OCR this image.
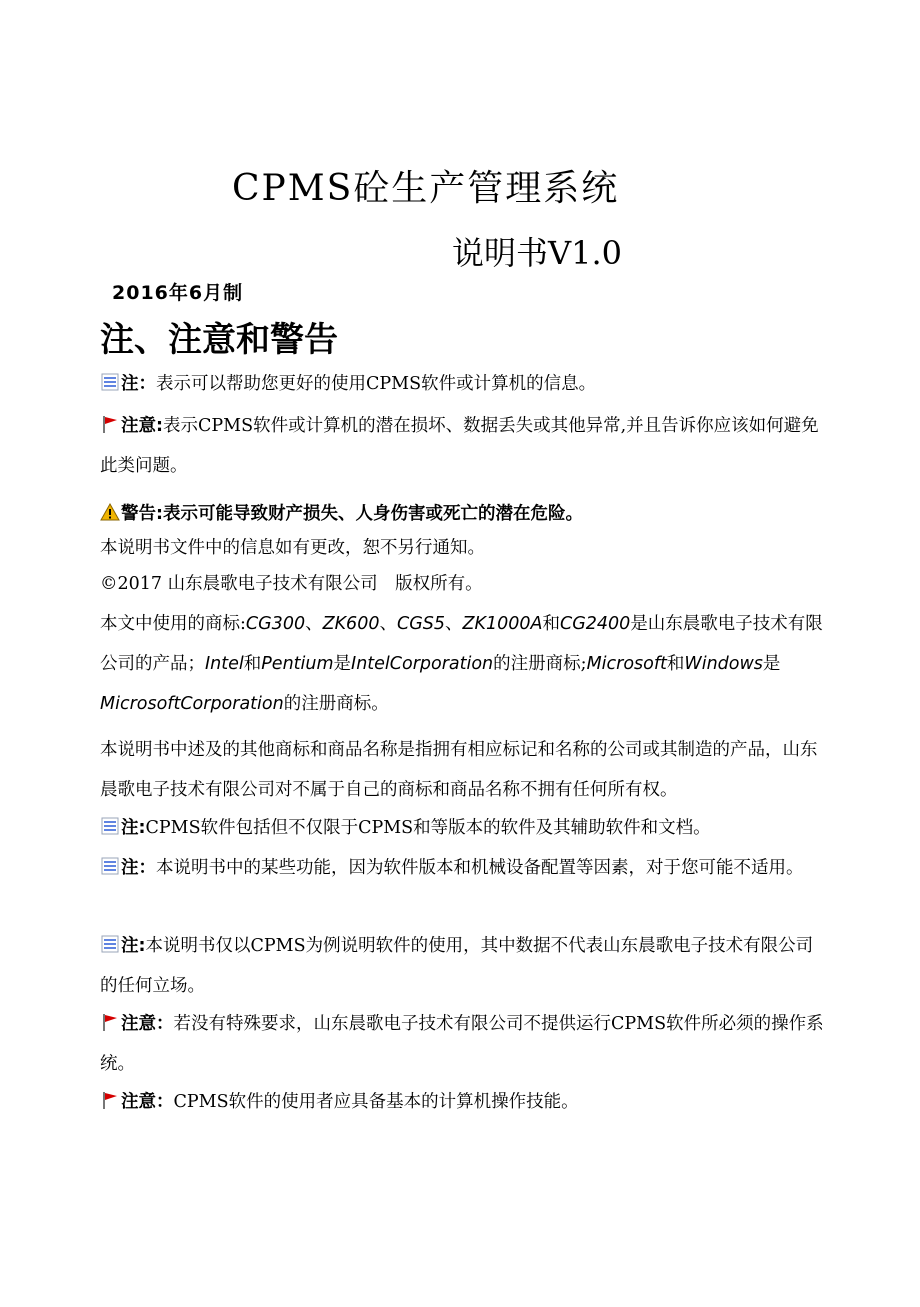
CPMS砼生产管理系统
说明书V1.0
2016年6月制
注、注意和警告
注：表示可以帮助您更好的使用CPMS软件或计算机的信息。
注意:表示CPMS软件或计算机的潜在损坏、数据丢失或其他异常,并且告诉你应该如何避免此类问题。
警告:表示可能导致财产损失、人身伤害或死亡的潜在危险。
本说明书文件中的信息如有更改，恕不另行通知。
©2017 山东晨歌电子技术有限公司　版权所有。
本文中使用的商标:CG300、ZK600、CGS5、ZK1000A和CG2400是山东晨歌电子技术有限公司的产品；Intel和Pentium是IntelCorporation的注册商标;Microsoft和Windows是MicrosoftCorporation的注册商标。
本说明书中述及的其他商标和商品名称是指拥有相应标记和名称的公司或其制造的产品，山东晨歌电子技术有限公司对不属于自己的商标和商品名称不拥有任何所有权。
注:CPMS软件包括但不仅限于CPMS和等版本的软件及其辅助软件和文档。
注：本说明书中的某些功能，因为软件版本和机械设备配置等因素，对于您可能不适用。
注:本说明书仅以CPMS为例说明软件的使用，其中数据不代表山东晨歌电子技术有限公司的任何立场。
注意：若没有特殊要求，山东晨歌电子技术有限公司不提供运行CPMS软件所必须的操作系统。
注意：CPMS软件的使用者应具备基本的计算机操作技能。
